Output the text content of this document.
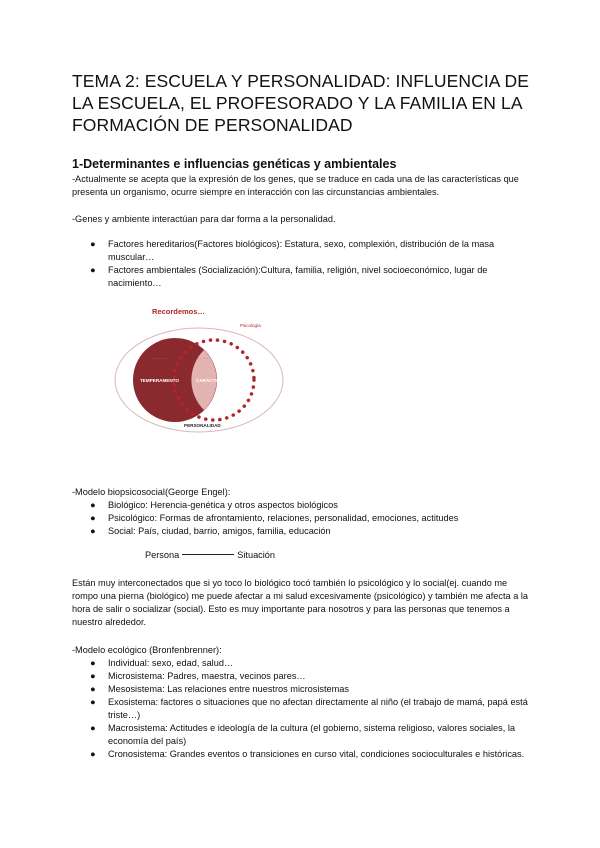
TEMA 2: ESCUELA Y PERSONALIDAD: INFLUENCIA DE LA ESCUELA, EL PROFESORADO Y LA FAMILIA EN LA FORMACIÓN DE PERSONALIDAD
1-Determinantes e influencias genéticas y ambientales
-Actualmente se acepta que la expresión de los genes, que se traduce en cada una de las características que presenta un organismo, ocurre siempre en interacción con las circunstancias ambientales.
-Genes y ambiente interactúan para dar forma a la personalidad.
● Factores hereditarios(Factores biológicos): Estatura, sexo, complexión, distribución de la masa muscular…
● Factores ambientales (Socialización):Cultura, familia, religión, nivel socioeconómico, lugar de nacimiento…
Recordemos…
Psicología
· · · · · · ·	· · · · · · ·
TEMPERAMENTO	CARÁCTER
PERSONALIDAD
-Modelo biopsicosocial(George Engel):
● Biológico: Herencia-genética y otros aspectos biológicos
● Psicológico: Formas de afrontamiento, relaciones, personalidad, emociones, actitudes
● Social: País, ciudad, barrio, amigos, familia, educación
Persona	Situación
Están muy interconectados que si yo toco lo biológico tocó también lo psicológico y lo social(ej. cuando me rompo una pierna (biológico) me puede afectar a mi salud excesivamente (psicológico) y también me afecta a la hora de salir o socializar (social). Esto es muy importante para nosotros y para las personas que tenemos a nuestro alrededor.
-Modelo ecológico (Bronfenbrenner):
● Individual: sexo, edad, salud…
● Microsistema: Padres, maestra, vecinos pares…
● Mesosistema: Las relaciones entre nuestros microsistemas
● Exosistema: factores o situaciones que no afectan directamente al niño (el trabajo de mamá, papá está triste…)
● Macrosistema: Actitudes e ideología de la cultura (el gobierno, sistema religioso, valores sociales, la economía del país)
● Cronosistema: Grandes eventos o transiciones en curso vital, condiciones socioculturales e históricas.
